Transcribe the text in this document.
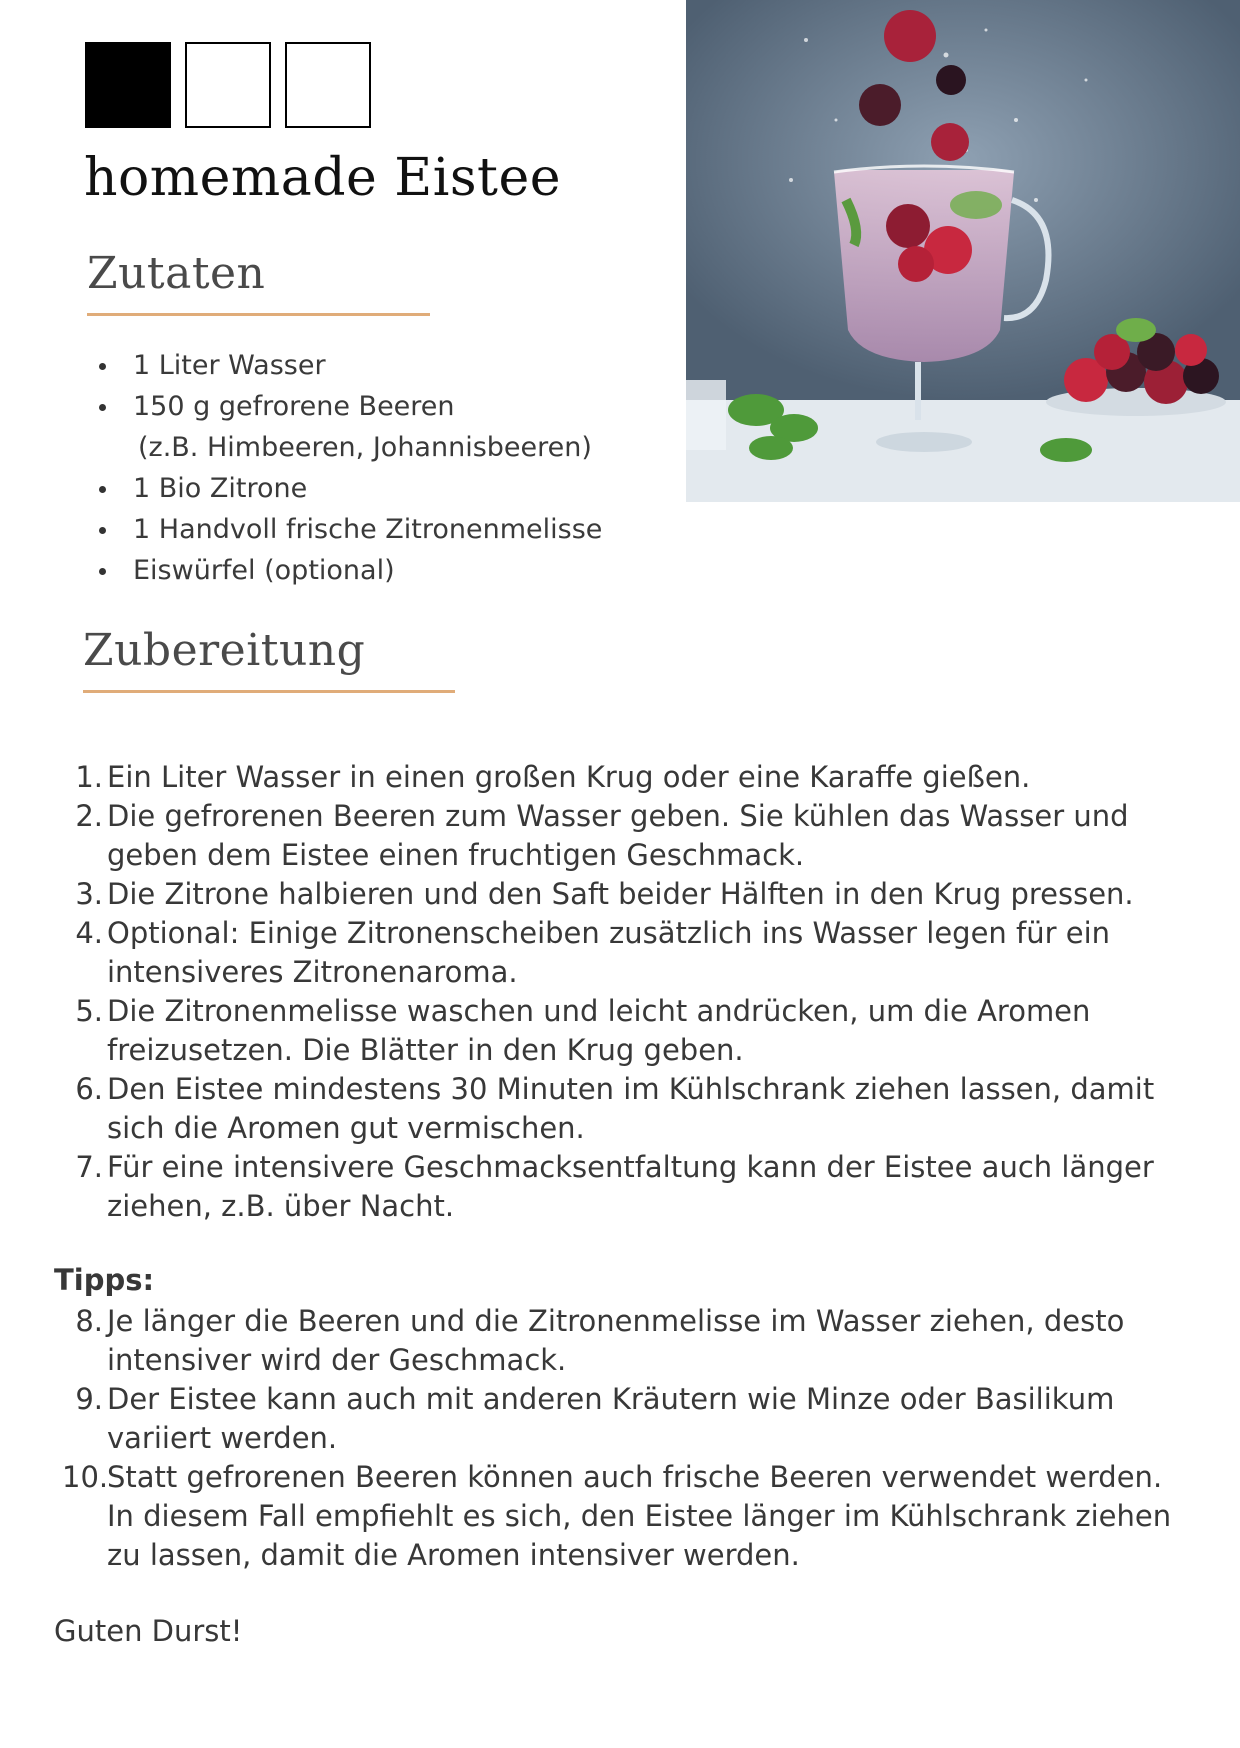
homemade Eistee
Zutaten
1 Liter Wasser
150 g gefrorene Beeren
(z.B. Himbeeren, Johannisbeeren)
1 Bio Zitrone
1 Handvoll frische Zitronenmelisse
Eiswürfel (optional)
Zubereitung
1. Ein Liter Wasser in einen großen Krug oder eine Karaffe gießen.
2. Die gefrorenen Beeren zum Wasser geben. Sie kühlen das Wasser und geben dem Eistee einen fruchtigen Geschmack.
3. Die Zitrone halbieren und den Saft beider Hälften in den Krug pressen.
4. Optional: Einige Zitronenscheiben zusätzlich ins Wasser legen für ein intensiveres Zitronenaroma.
5. Die Zitronenmelisse waschen und leicht andrücken, um die Aromen freizusetzen. Die Blätter in den Krug geben.
6. Den Eistee mindestens 30 Minuten im Kühlschrank ziehen lassen, damit sich die Aromen gut vermischen.
7. Für eine intensivere Geschmacksentfaltung kann der Eistee auch länger ziehen, z.B. über Nacht.

Tipps:

8. Je länger die Beeren und die Zitronenmelisse im Wasser ziehen, desto intensiver wird der Geschmack.
9. Der Eistee kann auch mit anderen Kräutern wie Minze oder Basilikum variiert werden.
10.
Statt gefrorenen Beeren können auch frische Beeren verwendet werden. In diesem Fall empfiehlt es sich, den Eistee länger im Kühlschrank ziehen zu lassen, damit die Aromen intensiver werden.

Guten Durst!
